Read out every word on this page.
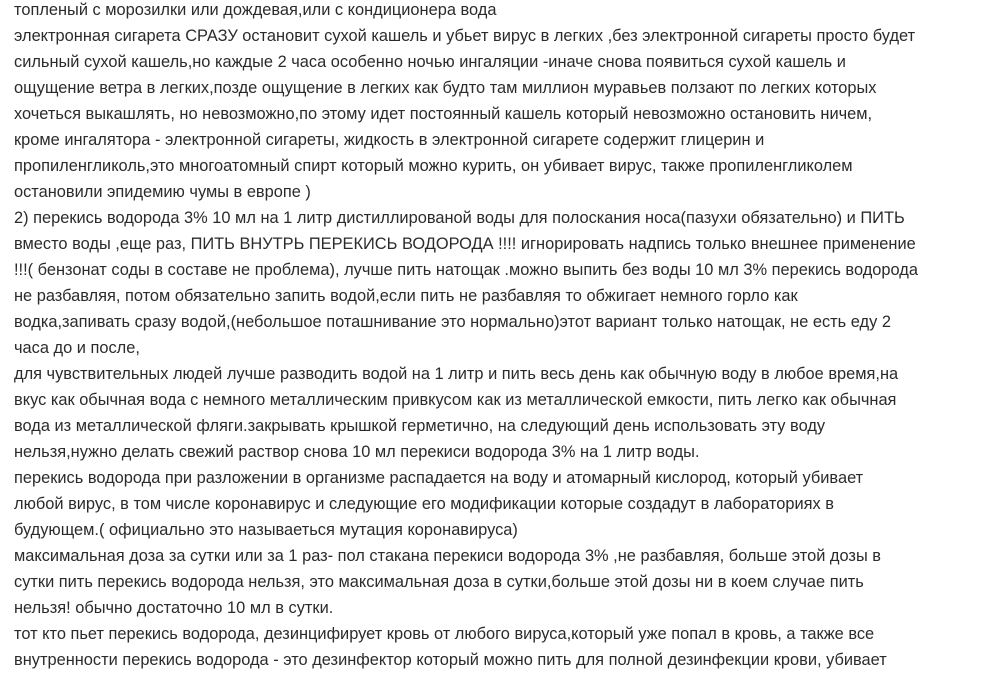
топленый с морозилки или дождевая,или с кондиционера вода
электронная сигарета СРАЗУ остановит сухой кашель и убьет вирус в легких ,без электронной сигареты просто будет
сильный сухой кашель,но каждые 2 часа особенно ночью ингаляции -иначе снова появиться сухой кашель и
ощущение ветра в легких,позде ощущение в легких как будто там миллион муравьев ползают по легких которых
хочеться выкашлять, но невозможно,по этому идет постоянный кашель который невозможно остановить ничем,
кроме ингалятора - электронной сигареты, жидкость в электронной сигарете содержит глицерин и
пропиленгликоль,это многоатомный спирт который можно курить, он убивает вирус, также пропиленгликолем
остановили эпидемию чумы в европе )
2) перекись водорода 3% 10 мл на 1 литр дистиллированой воды для полоскания носа(пазухи обязательно) и ПИТЬ
вместо воды ,еще раз, ПИТЬ ВНУТРЬ ПЕРЕКИСЬ ВОДОРОДА !!!! игнорировать надпись только внешнее применение
!!!( бензонат соды в составе не проблема), лучше пить натощак .можно выпить без воды 10 мл 3% перекись водорода
не разбавляя, потом обязательно запить водой,если пить не разбавляя то обжигает немного горло как
водка,запивать сразу водой,(небольшое поташнивание это нормально)этот вариант только натощак, не есть еду 2
часа до и после,
для чувствительных людей лучше разводить водой на 1 литр и пить весь день как обычную воду в любое время,на
вкус как обычная вода с немного металлическим привкусом как из металлической емкости, пить легко как обычная
вода из металлической фляги.закрывать крышкой герметично, на следующий день использовать эту воду
нельзя,нужно делать свежий раствор снова 10 мл перекиси водорода 3% на 1 литр воды.
перекись водорода при разложении в организме распадается на воду и атомарный кислород, который убивает
любой вирус, в том числе коронавирус и следующие его модификации которые создадут в лабораториях в
будующем.( официально это называеться мутация коронавируса)
максимальная доза за сутки или за 1 раз- пол стакана перекиси водорода 3% ,не разбавляя, больше этой дозы в
сутки пить перекись водорода нельзя, это максимальная доза в сутки,больше этой дозы ни в коем случае пить
нельзя! обычно достаточно 10 мл в сутки.
тот кто пьет перекись водорода, дезинцифирует кровь от любого вируса,который уже попал в кровь, а также все
внутренности перекись водорода - это дезинфектор который можно пить для полной дезинфекции крови, убивает
